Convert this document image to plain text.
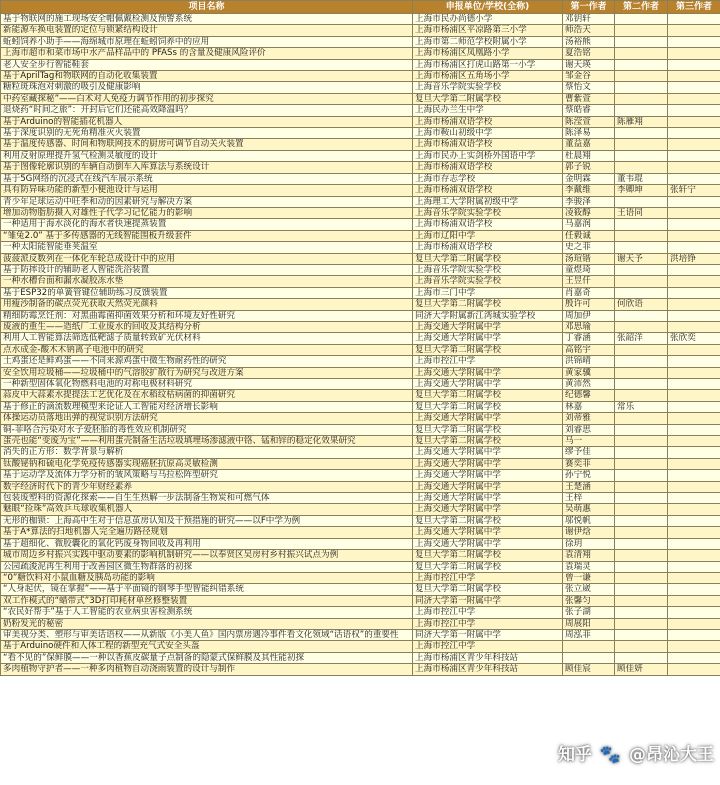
项目名称	申报单位/学校(全称)	第一作者	第二作者	第三作者
基于物联网的施工现场安全帽佩戴检测及预警系统	上海市民办尚德小学	邓钥轩		
新能源车换电装置的定位与锁紧结构设计	上海市杨浦区平凉路第三小学	师浩天		
蚯蚓饲养小助手——海绵城市原理在蚯蚓饲养中的应用	上海市第二师范学校附属小学	汤裕熊		
上海市超市和菜市场中水产品样品中的 PFASs 的含量及健康风险评价	上海市杨浦区凤凰路小学	夏浩铭		
老人安全步行智能鞋套	上海市杨浦区打虎山路第一小学	谢天瑛		
基于AprilTag和物联网的自动化收集装置	上海市杨浦区五角场小学	邹金谷		
糖粒斑珠泡对刺激的吸引及健康影响	上海音乐学院实验学校	蔡怡文		
中药室藏探秘”——白术对人免疫力调节作用的初步探究	复旦大学第二附属学校	曹紫萱		
退烧药“时间之旅”：开封后它们还能高效降温吗？	上海民办兰生中学	蔡皓睿		
基于Arduino的智能插花机器人	上海市杨浦双语学校	陈滢萱	陈雁翔	
基于深度识别的无死角精准灭火装置	上海市鞍山初级中学	陈泽易		
基于温度传感器、时间和物联网技术的厨房可调节自动关火装置	上海市杨浦双语学校	董益嘉		
利用反射原理提升氢气检测灵敏度的设计	上海市民办上实剑桥外国语中学	杜晨翔		
基于图像轮廓识别的车辆自动倒车入库算法与系统设计	上海市杨浦双语学校	郭子锐		
基于5G网络的沉浸式在线汽车展示系统	上海市存志学校	金明霖	董韦琨	
具有防异味功能的新型小便池设计与运用	上海市杨浦双语学校	李戴维	李卿坤	张轩宁
青少年足球运动中旺季和动的因素研究与解决方案	上海理工大学附属初级中学	李骏泽		
增加动物脂肪摄入对雄性子代学习记忆能力的影响	上海音乐学院实验学校	凌筱醇	王语同	
一种适用于海水淡化的海水者快速提蒸装置	上海市杨浦双语学校	马嘉润		
“雏兔2.0” 基于多传感器的无线智能围板升级套件	上海市辽阳中学	任毅诚		
一种太阳能智能垂荚温室	上海市杨浦双语学校	史之菲		
菠菠派反数列在一体化车轮总成设计中的应用	复旦大学第二附属学校	汤瑄锴	谢天予	洪培铮
基于防摔设计的辅助老人智能洗浴装置	上海音乐学院实验学校	童煜琦		
一种水槽台面和漏水凝胶冻水垫	上海音乐学院实验学校	王昱仟		
基于ESP32的单簧管键位辅助练习反馈装置	上海市三门中学	肖嘉奇		
用瘦沙制备的碳点荧光获取天然荧光颜料	复旦大学第二附属学校	殷许可	何欣语	
精细防霉烹饪剂：对黑曲霉菌抑菌效果分析和环境友好性研究	同济大学附属新江湾城实验学校	周加伊		
废液的重生——造纸厂工业废水的回收及其结构分析	上海交通大学附属中学	邓思瑜		
利用人工智能算法筛选低靶滤子质量转致矿光伏材料	上海交通大学附属中学	丁睿涵	张韶洋	张欣奕
点水成金-酸木木钠离子电池中的研究	复旦大学第二附属学校	高铭宇		
土鸡蛋还是鲜鸡蛋——不同来源鸡蛋中微生物耐药性的研究	上海市控江中学	洪锦晴		
安全饮用垃圾桶——垃圾桶中的气溶胶扩散行为研究与改进方案	上海交通大学附属中学	黄家骥		
一种新型固体氧化物燃料电池的对称电极材料研究	上海交通大学附属中学	黄沛然		
蒜皮中大蒜素水提提法工艺优化及在水稻纹枯病菌的抑菌研究	复旦大学第二附属学校	纪德馨		
基于修正的滴流数理模型来论证人工智能对经济增长影响	复旦大学第二附属学校	林嘉	常乐	
体操运动员落地出弹的视觉识别方法研究	上海交通大学附属中学	刘蒂雅		
铜-菲咯合污染对水子爱胚胎的毒性效应机制研究	复旦大学第二附属学校	刘睿思		
蛋壳也能“变废为宝”——利用蛋壳制备生活垃圾填埋场渗滤液中铬、锰和锌的稳定化效果研究	复旦大学第二附属学校	马一		
消失的正方形：数学背景与解析	上海交通大学附属中学	缪予佳		
钛酸铋钠和硫电化学免疫传感器实现癌胚抗原高灵敏检测	上海交通大学附属中学	赛奕菲		
基于运动学及流体力学分析的皱风策略与马拉松阵型研究	上海交通大学附属中学	孙宁悦		
数字经济时代下的青少年财经素养	上海交通大学附属中学	王楚涵		
包装废塑料的资源化探索——自生生热解一步法制备生物炭和可燃气体	上海交通大学附属中学	王梓		
魅眼“捡珠”高效乒乓球收集机器人	上海交通大学附属中学	吴萌惠		
无形的枷锁：上海高中生对于信息茧房认知及干预措施的研究——以F中学为例	复旦大学第二附属学校	邬悦帆		
基于A*算法的扫地机器人完全遍历路径规划	上海交通大学附属中学	谢伊焓		
基于超细化、微胶囊化的氧化钙废身物回收及再利用	上海交通大学附属中学	徐玥		
城市周边乡村振兴实践中驱动要素的影响机制研究——以奉贤区吴房村乡村振兴试点为例	复旦大学第二附属学校	袁清翔		
公园疏浚泥再生利用于改善园区微生物群落的初探	复旦大学第二附属学校	袁瑞灵		
“0”糖饮料对小鼠血糖及胰岛功能的影响	上海市控江中学	曾一谦		
“人身起伏，镜在掌握”——基于平面镜的钢琴手型智能纠错系统	复旦大学第二附属学校	张立崴		
双工作模式的“蜡带式”3D打印耗材单丝修整装置	同济大学第一附属中学	张馨匀		
“农民好帮手”基于人工智能的农业病虫害检测系统	上海市控江中学	张子湖		
奶粉发光的秘密	上海市控江中学	周展阳		
审美视分类、塑形与审美话语权——从新版《小美人鱼》国内票房遇冷事件看文化领域“话语权”的重要性	同济大学第一附属中学	周泓菲		
基于Arduino硬件和人体工程的新型充气式安全头盔	上海市控江中学			
“看不见的”保鲜膜——一种以香蕉皮碳量子点制备的隐蒙式保鲜膜及其性能初探	上海市杨浦区青少年科技站			
多肉植物守护者——一种多肉植物自动浇雨装置的设计与制作	上海市杨浦区青少年科技站	顾佳宸	顾佳妍	
知乎 🐾 @昂沁大王
